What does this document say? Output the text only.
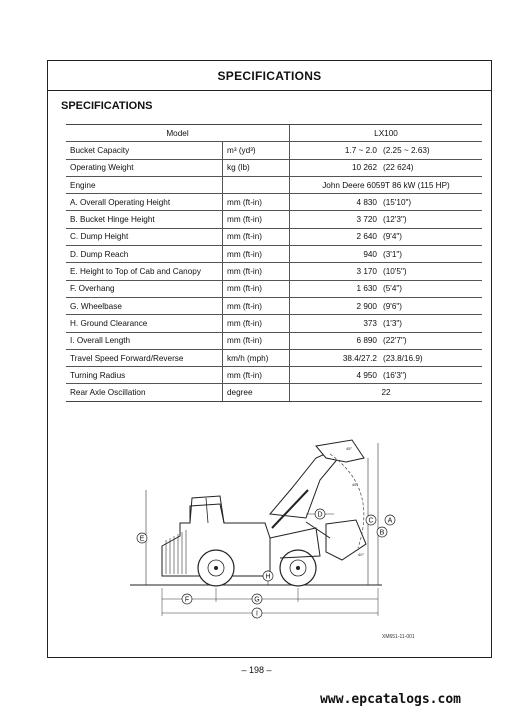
SPECIFICATIONS
SPECIFICATIONS
Model		LX100
Bucket Capacity	m³ (yd³)	1.7 ~ 2.0 (2.25 ~ 2.63)
Operating Weight	kg (lb)	10 262 (22 624)
Engine		John Deere 6059T 86 kW (115 HP)
A. Overall Operating Height	mm (ft-in)	4 830 (15'10")
B. Bucket Hinge Height	mm (ft-in)	3 720 (12'3")
C. Dump Height	mm (ft-in)	2 640 (9'4")
D. Dump Reach	mm (ft-in)	940 (3'1")
E. Height to Top of Cab and Canopy	mm (ft-in)	3 170 (10'5")
F. Overhang	mm (ft-in)	1 630 (5'4")
G. Wheelbase	mm (ft-in)	2 900 (9'6")
H. Ground Clearance	mm (ft-in)	373 (1'3")
I. Overall Length	mm (ft-in)	6 890 (22'7")
Travel Speed Forward/Reverse	km/h (mph)	38.4/27.2 (23.8/16.9)
Turning Radius	mm (ft-in)	4 950 (16'3")
Rear Axle Oscillation	degree	22
E
A
B
C
D
F	G
H
I
45°
45°
40°
XM651-11-001
– 198 –
www.epcatalogs.com
